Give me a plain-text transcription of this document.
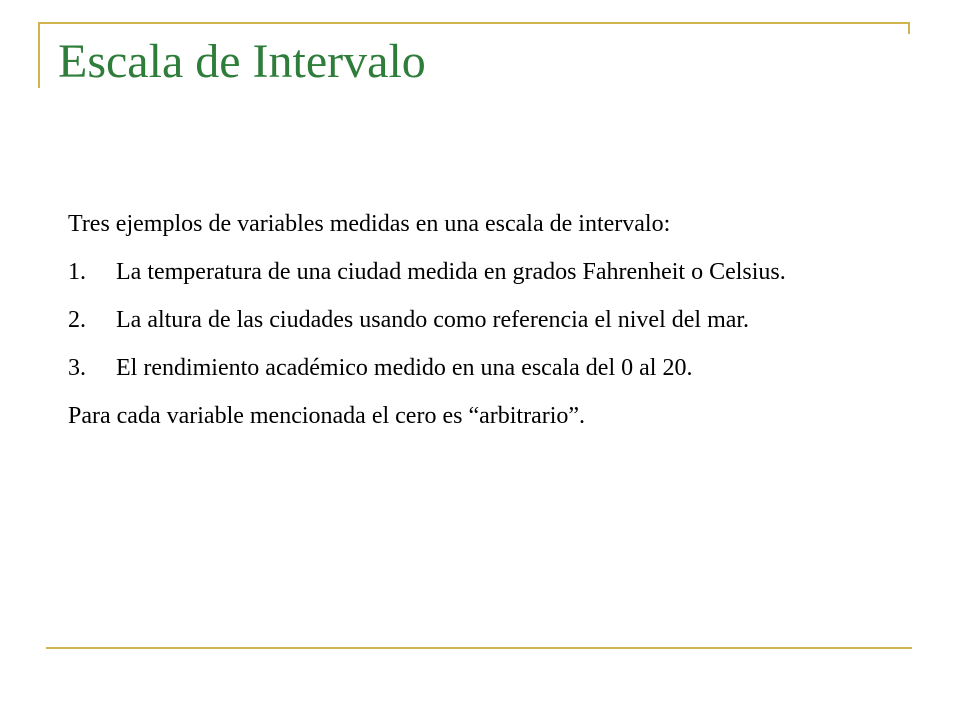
Escala de Intervalo

Tres ejemplos de variables medidas en una escala de intervalo:

1.	La temperatura de una ciudad medida en grados Fahrenheit o Celsius.
2.	La altura de las ciudades usando como referencia el nivel del mar.
3.	El rendimiento académico medido en una escala del 0 al 20.

Para cada variable mencionada el cero es “arbitrario”.
